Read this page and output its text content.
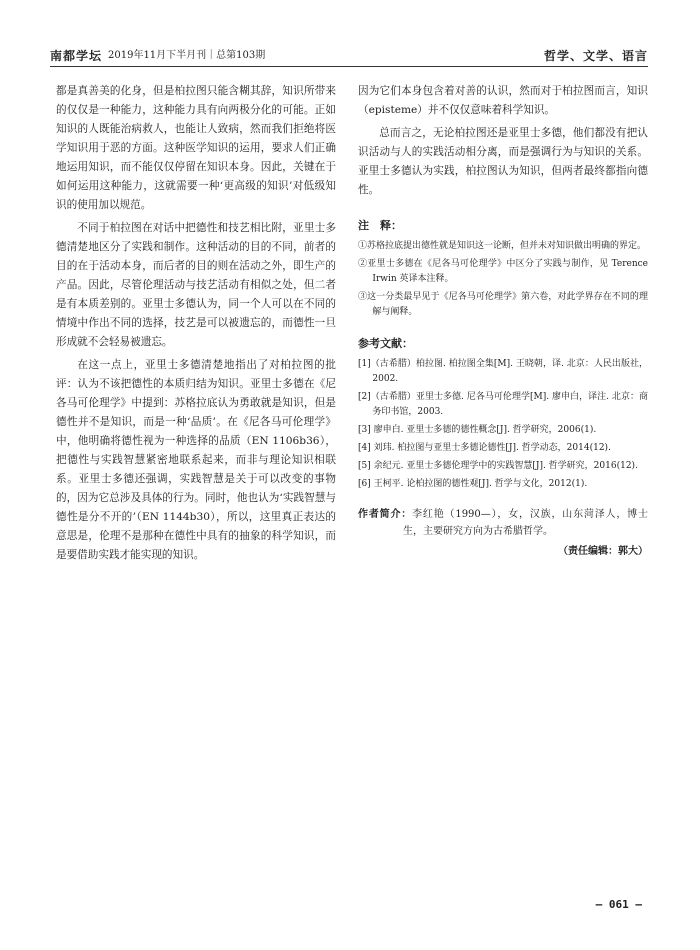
南都学坛 2019年11月下半月刊｜总第103期	哲学、文学、语言

都是真善美的化身，但是柏拉图只能含糊其辞，知识所带来的仅仅是一种能力，这种能力具有向两极分化的可能。正如知识的人既能治病救人，也能让人致病，然而我们拒绝将医学知识用于恶的方面。这种医学知识的运用，要求人们正确地运用知识，而不能仅仅停留在知识本身。因此，关键在于如何运用这种能力，这就需要一种‘更高级的知识’对低级知识的使用加以规范。

不同于柏拉图在对话中把德性和技艺相比附，亚里士多德清楚地区分了实践和制作。这种活动的目的不同，前者的目的在于活动本身，而后者的目的则在活动之外，即生产的产品。因此，尽管伦理活动与技艺活动有相似之处，但二者是有本质差别的。亚里士多德认为，同一个人可以在不同的情境中作出不同的选择，技艺是可以被遗忘的，而德性一旦形成就不会轻易被遗忘。

在这一点上，亚里士多德清楚地指出了对柏拉图的批评：认为不该把德性的本质归结为知识。亚里士多德在《尼各马可伦理学》中提到：苏格拉底认为勇敢就是知识，但是德性并不是知识，而是一种‘品质’。在《尼各马可伦理学》中，他明确将德性视为一种选择的品质（EN 1106b36），把德性与实践智慧紧密地联系起来，而非与理论知识相联系。亚里士多德还强调，实践智慧是关于可以改变的事物的，因为它总涉及具体的行为。同时，他也认为‘实践智慧与德性是分不开的’（EN 1144b30），所以，这里真正表达的意思是，伦理不是那种在德性中具有的抽象的科学知识，而是要借助实践才能实现的知识。

因为它们本身包含着对善的认识，然而对于柏拉图而言，知识（episteme）并不仅仅意味着科学知识。

总而言之，无论柏拉图还是亚里士多德，他们都没有把认识活动与人的实践活动相分离，而是强调行为与知识的关系。亚里士多德认为实践，柏拉图认为知识，但两者最终都指向德性。

注　释：

①苏格拉底提出德性就是知识这一论断，但并未对知识做出明确的界定。

②亚里士多德在《尼各马可伦理学》中区分了实践与制作，见 Terence Irwin 英译本注释。

③这一分类最早见于《尼各马可伦理学》第六卷，对此学界存在不同的理解与阐释。

参考文献：

[1]（古希腊）柏拉图. 柏拉图全集[M]. 王晓朝，译. 北京：人民出版社，2002.

[2]（古希腊）亚里士多德. 尼各马可伦理学[M]. 廖申白，译注. 北京：商务印书馆，2003.

[3] 廖申白. 亚里士多德的德性概念[J]. 哲学研究，2006(1).

[4] 刘玮. 柏拉图与亚里士多德论德性[J]. 哲学动态，2014(12).

[5] 余纪元. 亚里士多德伦理学中的实践智慧[J]. 哲学研究，2016(12).

[6] 王柯平. 论柏拉图的德性观[J]. 哲学与文化，2012(1).

作者简介：李红艳（1990—），女，汉族，山东菏泽人，博士生，主要研究方向为古希腊哲学。

（责任编辑：郭大）
— 061 —
